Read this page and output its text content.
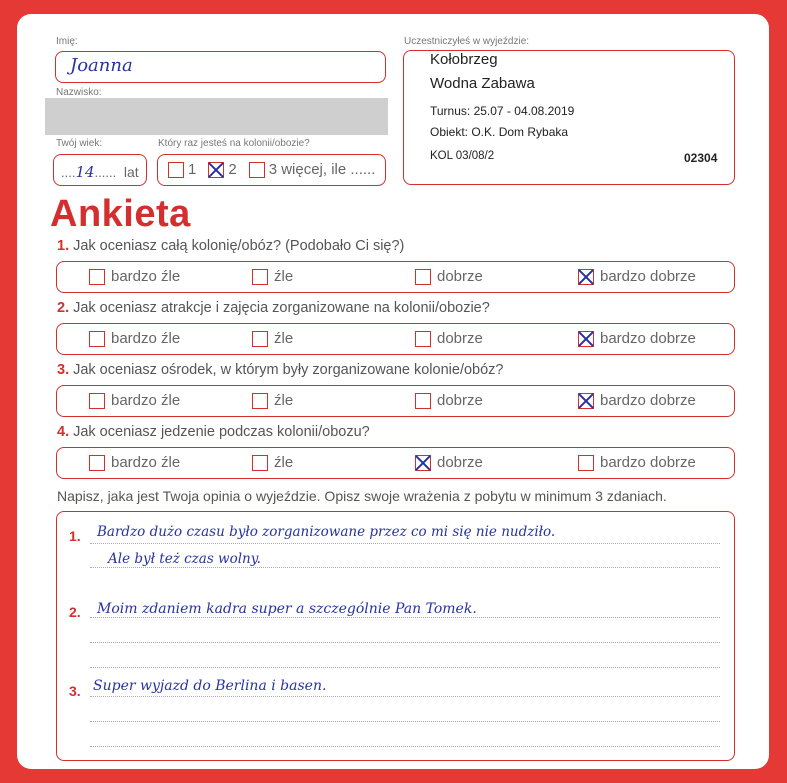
Imię:
Joanna
Nazwisko:
Twój wiek:
....14...... lat
Który raz jesteś na kolonii/obozie?
1 2 3 więcej, ile ......
Uczestniczyłeś w wyjeździe:
Kołobrzeg
Wodna Zabawa
Turnus: 25.07 - 04.08.2019
Obiekt: O.K. Dom Rybaka
KOL 03/08/2	02304
Ankieta
1. Jak oceniasz całą kolonię/obóz? (Podobało Ci się?)
bardzo źle	źle	dobrze	bardzo dobrze
2. Jak oceniasz atrakcje i zajęcia zorganizowane na kolonii/obozie?
bardzo źle	źle	dobrze	bardzo dobrze
3. Jak oceniasz ośrodek, w którym były zorganizowane kolonie/obóz?
bardzo źle	źle	dobrze	bardzo dobrze
4. Jak oceniasz jedzenie podczas kolonii/obozu?
bardzo źle	źle	dobrze	bardzo dobrze
Napisz, jaka jest Twoja opinia o wyjeździe. Opisz swoje wrażenia z pobytu w minimum 3 zdaniach.
1. Bardzo dużo czasu było zorganizowane przez co mi się nie nudziło.
Ale był też czas wolny.
2. Moim zdaniem kadra super a szczególnie Pan Tomek.
3. Super wyjazd do Berlina i basen.
